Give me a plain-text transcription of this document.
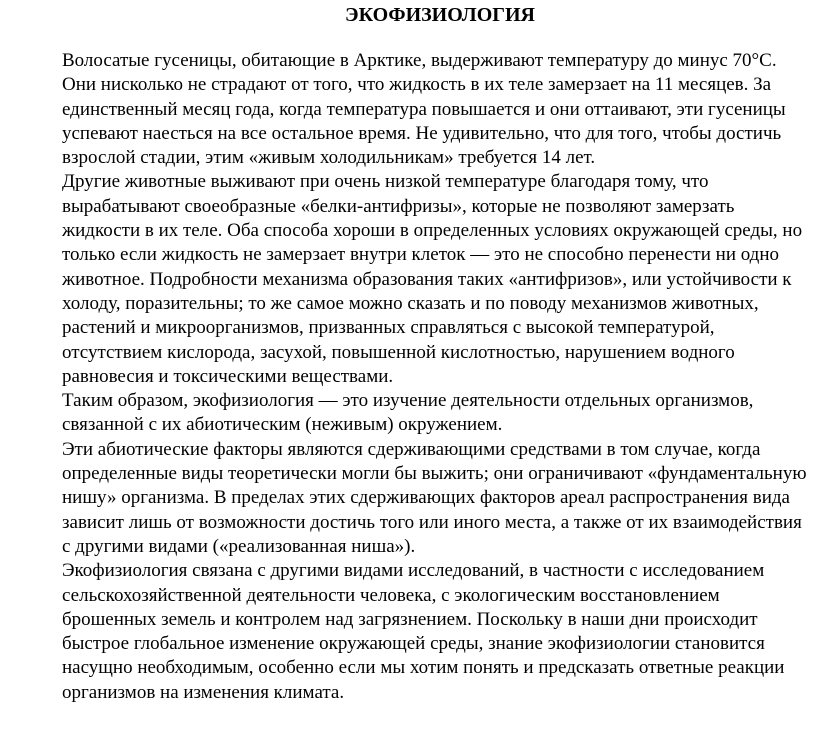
ЭКОФИЗИОЛОГИЯ

Волосатые гусеницы, обитающие в Арктике, выдерживают температуру до минус 70°C. Они нисколько не страдают от того, что жидкость в их теле замерзает на 11 месяцев. За единственный месяц года, когда температура повышается и они оттаивают, эти гусеницы успевают наесться на все остальное время. Не удивительно, что для того, чтобы достичь взрослой стадии, этим «живым холодильникам» требуется 14 лет.

Другие животные выживают при очень низкой температуре благодаря тому, что вырабатывают своеобразные «белки-антифризы», которые не позволяют замерзать жидкости в их теле. Оба способа хороши в определенных условиях окружающей среды, но только если жидкость не замерзает внутри клеток — это не способно перенести ни одно животное. Подробности механизма образования таких «антифризов», или устойчивости к холоду, поразительны; то же самое можно сказать и по поводу механизмов животных, растений и микроорганизмов, призванных справляться с высокой температурой, отсутствием кислорода, засухой, повышенной кислотностью, нарушением водного равновесия и токсическими веществами.

Таким образом, экофизиология — это изучение деятельности отдельных организмов, связанной с их абиотическим (неживым) окружением.

Эти абиотические факторы являются сдерживающими средствами в том случае, когда определенные виды теоретически могли бы выжить; они ограничивают «фундаментальную нишу» организма. В пределах этих сдерживающих факторов ареал распространения вида зависит лишь от возможности достичь того или иного места, а также от их взаимодействия с другими видами («реализованная ниша»).

Экофизиология связана с другими видами исследований, в частности с исследованием сельскохозяйственной деятельности человека, с экологическим восстановлением брошенных земель и контролем над загрязнением. Поскольку в наши дни происходит быстрое глобальное изменение окружающей среды, знание экофизиологии становится насущно необходимым, особенно если мы хотим понять и предсказать ответные реакции организмов на изменения климата.
